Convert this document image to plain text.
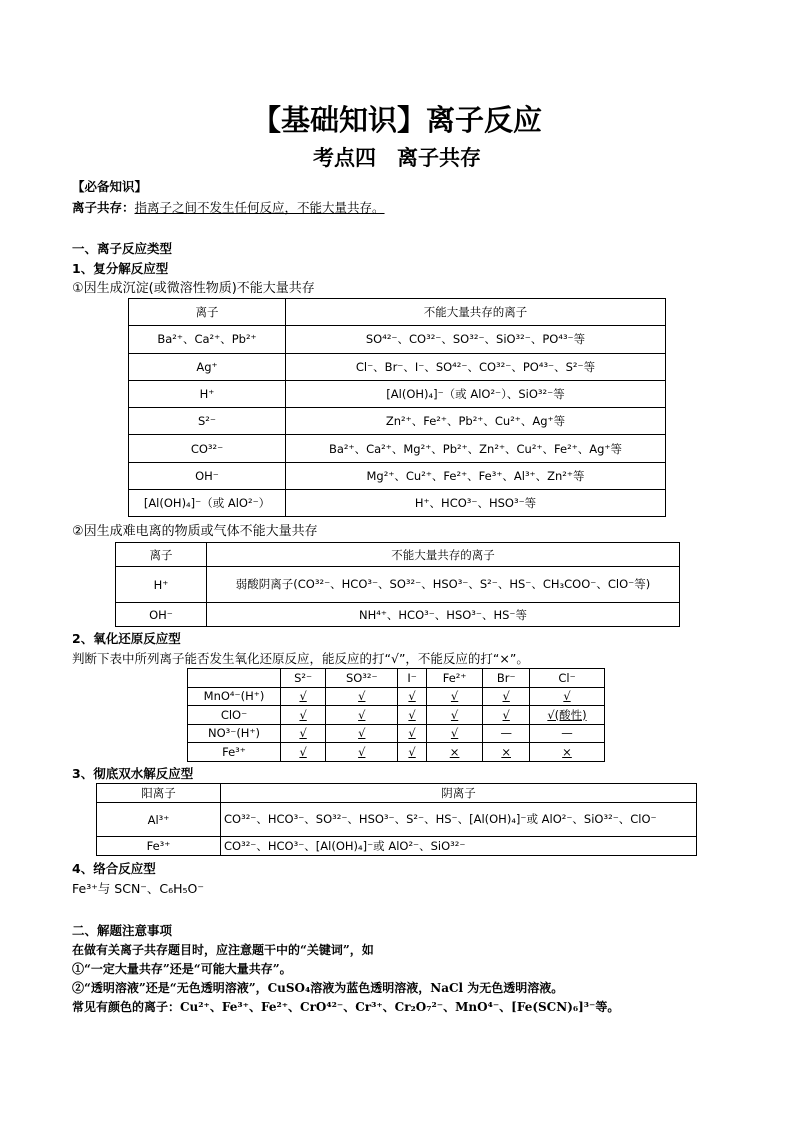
【基础知识】离子反应
考点四　离子共存
【必备知识】
离子共存：指离子之间不发生任何反应，不能大量共存。
一、离子反应类型
1、复分解反应型
①因生成沉淀(或微溶性物质)不能大量共存
离子	不能大量共存的离子
Ba²⁺、Ca²⁺、Pb²⁺	SO⁴²⁻、CO³²⁻、SO³²⁻、SiO³²⁻、PO⁴³⁻等
Ag⁺	Cl⁻、Br⁻、I⁻、SO⁴²⁻、CO³²⁻、PO⁴³⁻、S²⁻等
H⁺	[Al(OH)₄]⁻（或 AlO²⁻）、SiO³²⁻等
S²⁻	Zn²⁺、Fe²⁺、Pb²⁺、Cu²⁺、Ag⁺等
CO³²⁻	Ba²⁺、Ca²⁺、Mg²⁺、Pb²⁺、Zn²⁺、Cu²⁺、Fe²⁺、Ag⁺等
OH⁻	Mg²⁺、Cu²⁺、Fe²⁺、Fe³⁺、Al³⁺、Zn²⁺等
[Al(OH)₄]⁻（或 AlO²⁻）	H⁺、HCO³⁻、HSO³⁻等
②因生成难电离的物质或气体不能大量共存
离子	不能大量共存的离子
H⁺	弱酸阴离子(CO³²⁻、HCO³⁻、SO³²⁻、HSO³⁻、S²⁻、HS⁻、CH₃COO⁻、ClO⁻等)
OH⁻	NH⁴⁺、HCO³⁻、HSO³⁻、HS⁻等
2、氧化还原反应型
判断下表中所列离子能否发生氧化还原反应，能反应的打“√”，不能反应的打“×”。
	S²⁻	SO³²⁻	I⁻	Fe²⁺	Br⁻	Cl⁻
MnO⁴⁻(H⁺)	√	√	√	√	√	√
ClO⁻	√	√	√	√	√	√(酸性)
NO³⁻(H⁺)	√	√	√	√	—	—
Fe³⁺	√	√	√	×	×	×
3、彻底双水解反应型
阳离子	阴离子
Al³⁺	CO³²⁻、HCO³⁻、SO³²⁻、HSO³⁻、S²⁻、HS⁻、[Al(OH)₄]⁻或 AlO²⁻、SiO³²⁻、ClO⁻
Fe³⁺	CO³²⁻、HCO³⁻、[Al(OH)₄]⁻或 AlO²⁻、SiO³²⁻
4、络合反应型
Fe³⁺与 SCN⁻、C₆H₅O⁻
二、解题注意事项
在做有关离子共存题目时，应注意题干中的“关键词”，如
①“一定大量共存”还是“可能大量共存”。
②“透明溶液”还是“无色透明溶液”，CuSO₄溶液为蓝色透明溶液，NaCl 为无色透明溶液。
常见有颜色的离子：Cu²⁺、Fe³⁺、Fe²⁺、CrO⁴²⁻、Cr³⁺、Cr₂O₇²⁻、MnO⁴⁻、[Fe(SCN)₆]³⁻等。
